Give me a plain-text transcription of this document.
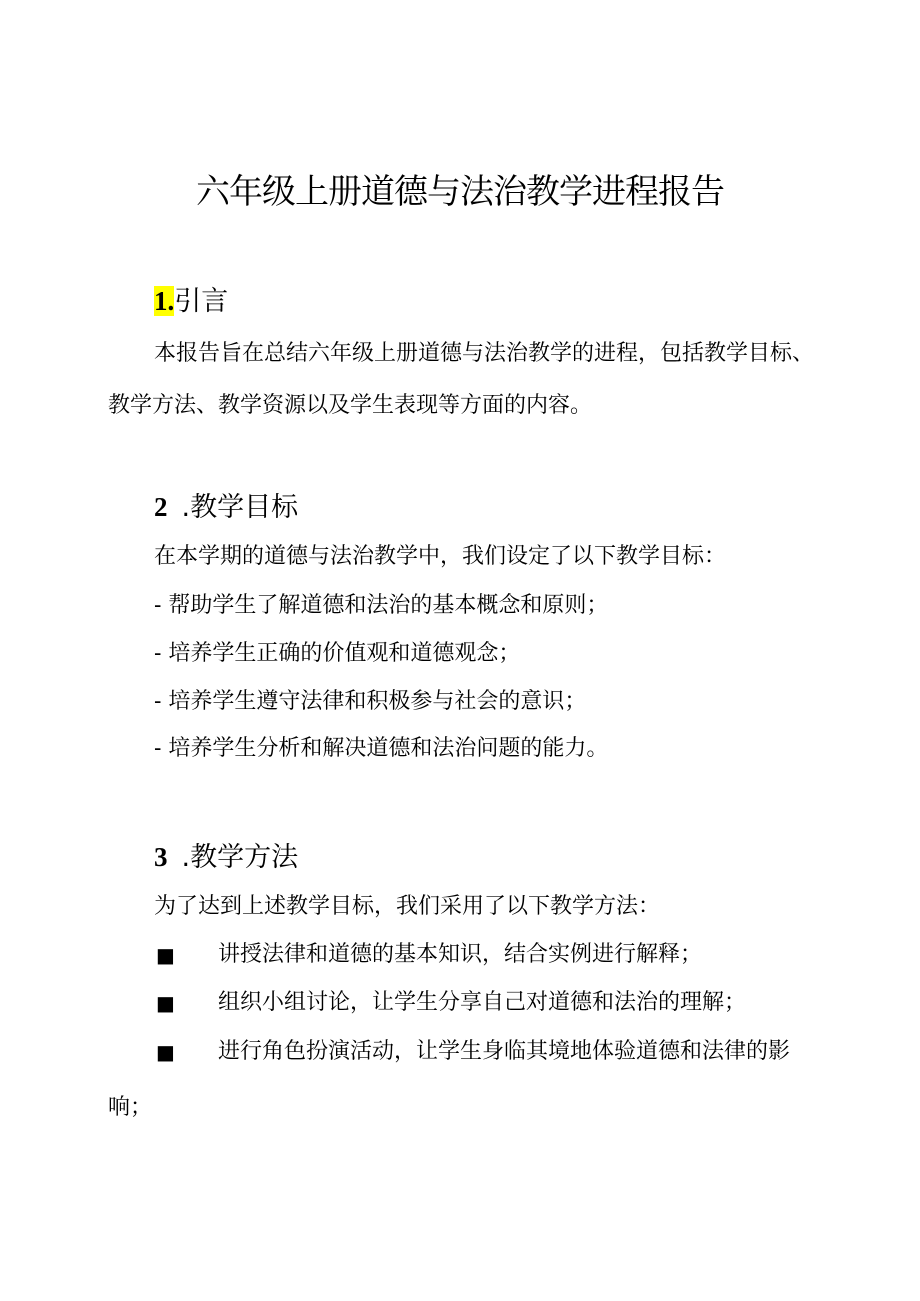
六年级上册道德与法治教学进程报告
1.引言
本报告旨在总结六年级上册道德与法治教学的进程，包括教学目标、教学方法、教学资源以及学生表现等方面的内容。
2 .教学目标
在本学期的道德与法治教学中，我们设定了以下教学目标：
- 帮助学生了解道德和法治的基本概念和原则；
- 培养学生正确的价值观和道德观念；
- 培养学生遵守法律和积极参与社会的意识；
- 培养学生分析和解决道德和法治问题的能力。
3 .教学方法
为了达到上述教学目标，我们采用了以下教学方法：
■ 讲授法律和道德的基本知识，结合实例进行解释；
■ 组织小组讨论，让学生分享自己对道德和法治的理解；
■	进行角色扮演活动，让学生身临其境地体验道德和法律的影响；
